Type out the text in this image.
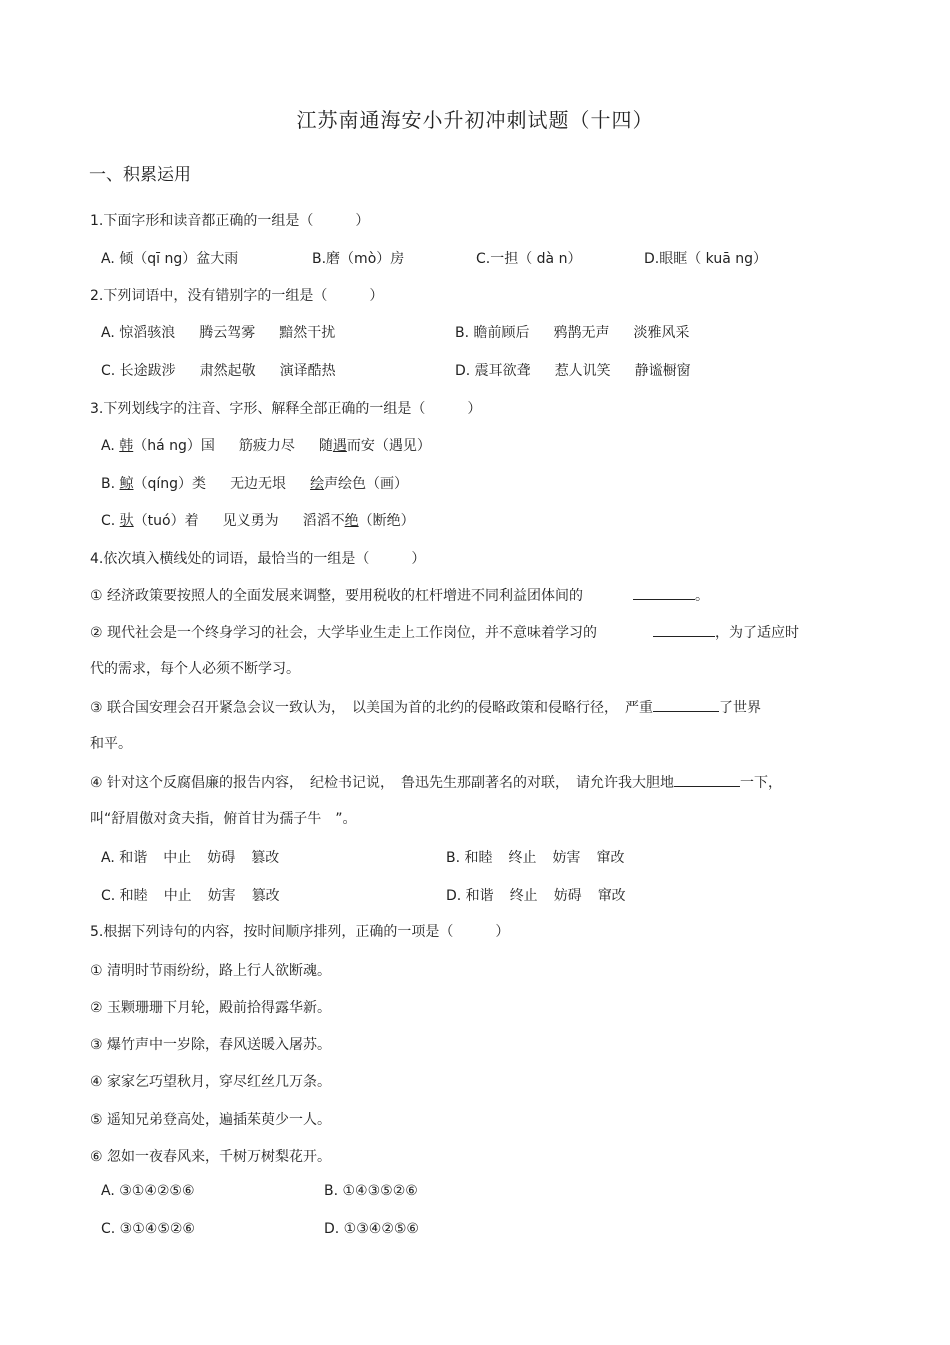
江苏南通海安小升初冲刺试题（十四）
一、积累运用
1.下面字形和读音都正确的一组是（　　　）
A. 倾（qī ng）盆大雨	B.磨（mò）房	C.一担（ dà n）	D.眼眶（ kuā ng）
2.下列词语中，没有错别字的一组是（　　　）
A. 惊滔骇浪 腾云驾雾 黯然干扰	B. 瞻前顾后 鸦鹊无声 淡雅风采
C. 长途跋涉 肃然起敬 演译酷热	D. 震耳欲聋 惹人讥笑 静谧橱窗
3.下列划线字的注音、字形、解释全部正确的一组是（　　　）
A. 韩（há ng）国 筋疲力尽 随遇而安（遇见）
B. 鲸（qíng）类 无边无垠 绘声绘色（画）
C. 驮（tuó）着 见义勇为 滔滔不绝（断绝）
4.依次填入横线处的词语，最恰当的一组是（　　　）
① 经济政策要按照人的全面发展来调整，要用税收的杠杆增进不同利益团体间的	。
② 现代社会是一个终身学习的社会，大学毕业生走上工作岗位，并不意味着学习的	，为了适应时
代的需求，每个人必须不断学习。
③ 联合国安理会召开紧急会议一致认为，　以美国为首的北约的侵略政策和侵略行径，　严重	了世界
和平。
④ 针对这个反腐倡廉的报告内容，　纪检书记说，　鲁迅先生那副著名的对联，　请允许我大胆地	一下，
叫“舒眉傲对贪夫指，俯首甘为孺子牛　”。
A. 和谐 中止 妨碍 篡改	B. 和睦 终止 妨害 窜改
C. 和睦 中止 妨害 篡改	D. 和谐 终止 妨碍 窜改
5.根据下列诗句的内容，按时间顺序排列，正确的一项是（　　　）
① 清明时节雨纷纷，路上行人欲断魂。
② 玉颗珊珊下月轮，殿前拾得露华新。
③ 爆竹声中一岁除，春风送暖入屠苏。
④ 家家乞巧望秋月，穿尽红丝几万条。
⑤ 遥知兄弟登高处，遍插茱萸少一人。
⑥ 忽如一夜春风来，千树万树梨花开。
A. ③①④②⑤⑥	B. ①④③⑤②⑥
C. ③①④⑤②⑥	D. ①③④②⑤⑥
